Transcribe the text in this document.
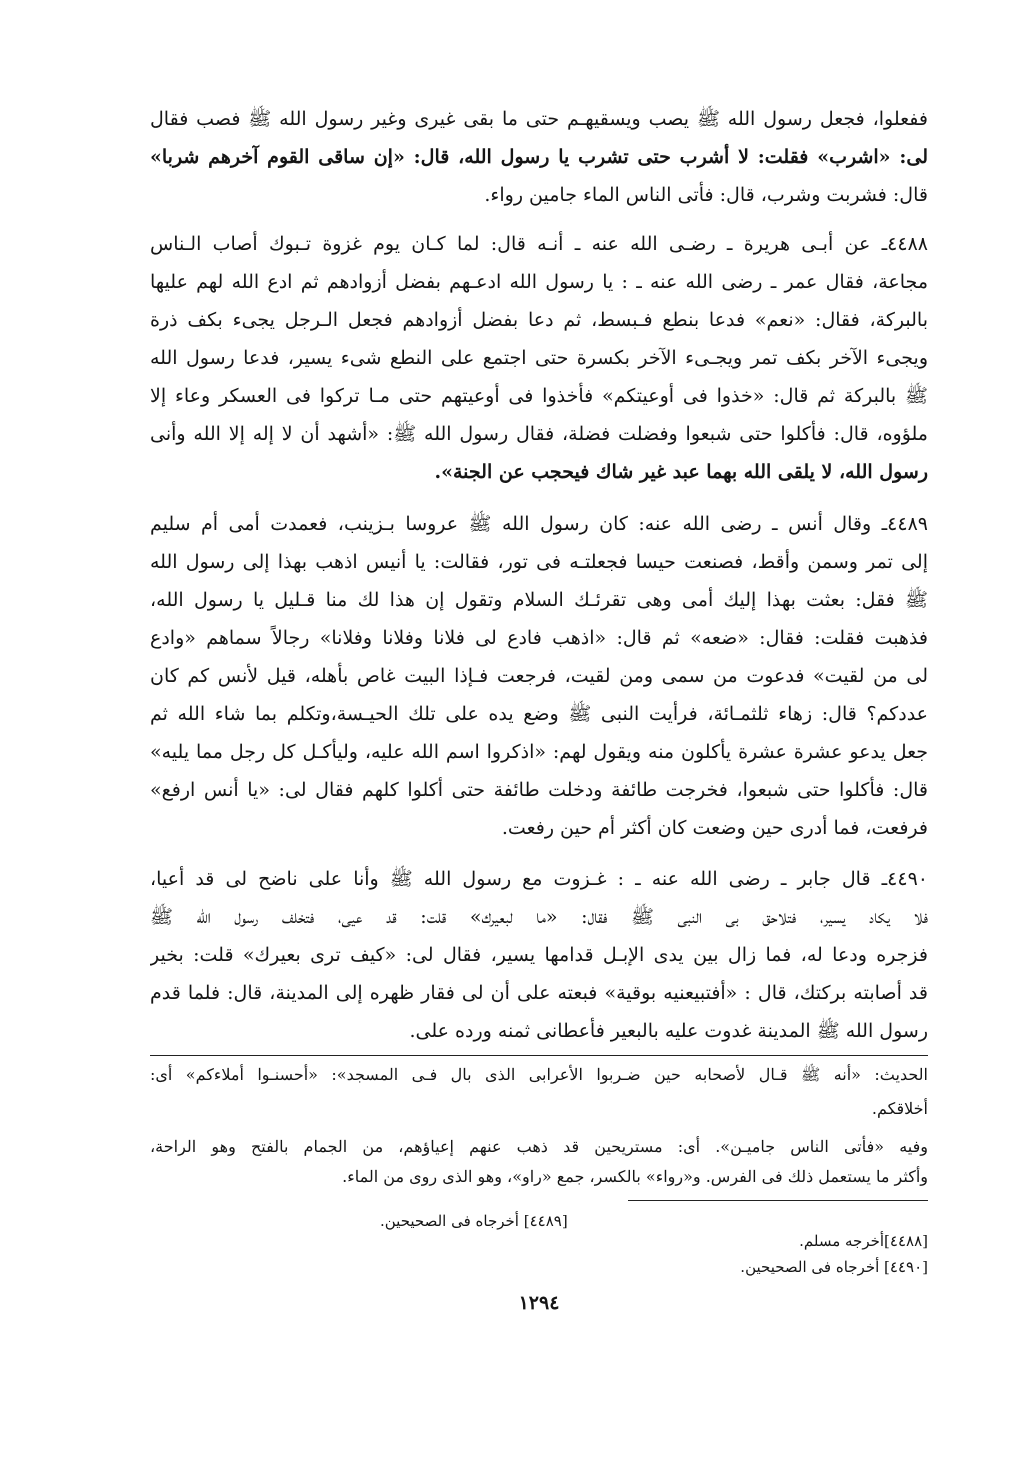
ففعلوا، فجعل رسول الله ﷺ يصب ويسقيهـم حتى ما بقى غيرى وغير رسول الله ﷺ فصب فقال
لى: «اشرب» فقلت: لا أشرب حتى تشرب يا رسول الله، قال: «إن ساقى القوم آخرهم شربا»
قال: فشربت وشرب، قال: فأتى الناس الماء جامين رواء.
٤٤٨٨ـ عن أبـى هريرة ـ رضـى الله عنه ـ أنـه قال: لما كـان يوم غزوة تـبوك أصاب الـناس
مجاعة، فقال عمر ـ رضى الله عنه ـ : يا رسول الله ادعـهم بفضل أزوادهم ثم ادع الله لهم عليها
بالبركة، فقال: «نعم» فدعا بنطع فـبسط، ثم دعا بفضل أزوادهم فجعل الـرجل يجىء بكف ذرة
ويجىء الآخر بكف تمر ويجـىء الآخر بكسرة حتى اجتمع على النطع شىء يسير، فدعا رسول الله
ﷺ بالبركة ثم قال: «خذوا فى أوعيتكم» فأخذوا فى أوعيتهم حتى مـا تركوا فى العسكر وعاء إلا
ملؤوه، قال: فأكلوا حتى شبعوا وفضلت فضلة، فقال رسول الله ﷺ: «أشهد أن لا إله إلا الله وأنى
رسول الله، لا يلقى الله بهما عبد غير شاك فيحجب عن الجنة».
٤٤٨٩ـ وقال أنس ـ رضى الله عنه: كان رسول الله ﷺ عروسا بـزينب، فعمدت أمى أم سليم
إلى تمر وسمن وأقط، فصنعت حيسا فجعلتـه فى تور، فقالت: يا أنيس اذهب بهذا إلى رسول الله
ﷺ فقل: بعثت بهذا إليك أمى وهى تقرئـك السلام وتقول إن هذا لك منا قـليل يا رسول الله،
فذهبت فقلت: فقال: «ضعه» ثم قال: «اذهب فادع لى فلانا وفلانا وفلانا» رجالاً سماهم «وادع
لى من لقيت» فدعوت من سمى ومن لقيت، فرجعت فـإذا البيت غاص بأهله، قيل لأنس كم كان
عددكم؟ قال: زهاء ثلثمـائة، فرأيت النبى ﷺ وضع يده على تلك الحيـسة،وتكلم بما شاء الله ثم
جعل يدعو عشرة عشرة يأكلون منه ويقول لهم: «اذكروا اسم الله عليه، وليأكـل كل رجل مما يليه»
قال: فأكلوا حتى شبعوا، فخرجت طائفة ودخلت طائفة حتى أكلوا كلهم فقال لى: «يا أنس ارفع»
فرفعت، فما أدرى حين وضعت كان أكثر أم حين رفعت.
٤٤٩٠ـ قال جابر ـ رضى الله عنه ـ : غـزوت مع رسول الله ﷺ وأنا على ناضح لى قد أعيا،
فلا يكاد يسير، فتلاحق بى النبى ﷺ فقال: «ما لبعيرك» قلت: قد عيى، فتخلف رسول الله ﷺ
فزجره ودعا له، فما زال بين يدى الإبـل قدامها يسير، فقال لى: «كيف ترى بعيرك» قلت: بخير
قد أصابته بركتك، قال : «أفتبيعنيه بوقية» فبعته على أن لى فقار ظهره إلى المدينة، قال: فلما قدم
رسول الله ﷺ المدينة غدوت عليه بالبعير فأعطانى ثمنه ورده على.
الحديث: «أنه ﷺ قـال لأصحابه حين ضـربوا الأعرابى الذى بال فـى المسجد»: «أحسنـوا أملاءكم» أى:
أخلاقكم.
وفيه «فأتى الناس جاميـن». أى: مستريحين قد ذهب عنهم إعياؤهم، من الجمام بالفتح وهو الراحة،
وأكثر ما يستعمل ذلك فى الفرس. و«رواء» بالكسر، جمع «راو»، وهو الذى روى من الماء.
[٤٤٨٩] أخرجاه فى الصحيحين.
[٤٤٨٨]أخرجه مسلم.
[٤٤٩٠] أخرجاه فى الصحيحين.
١٢٩٤
